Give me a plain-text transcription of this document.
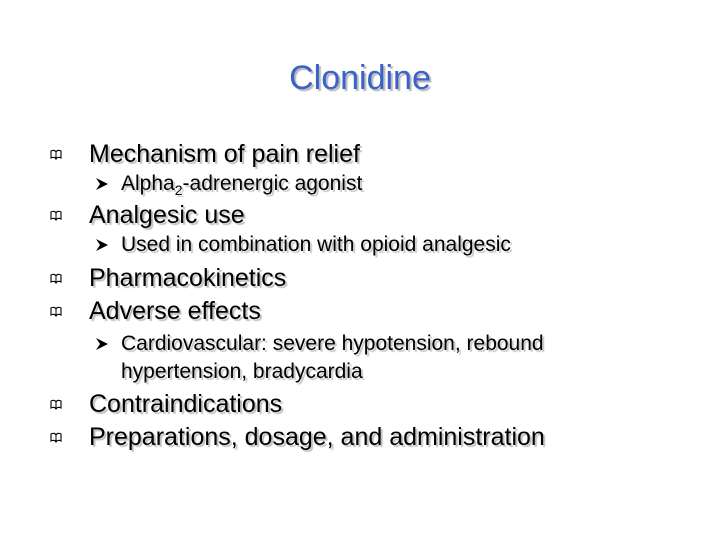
Clonidine
Mechanism of pain relief
Alpha$_2$-adrenergic agonist
Analgesic use
Used in combination with opioid analgesic
Pharmacokinetics
Adverse effects
Cardiovascular: severe hypotension, rebound
hypertension, bradycardia
Contraindications
Preparations, dosage, and administration
